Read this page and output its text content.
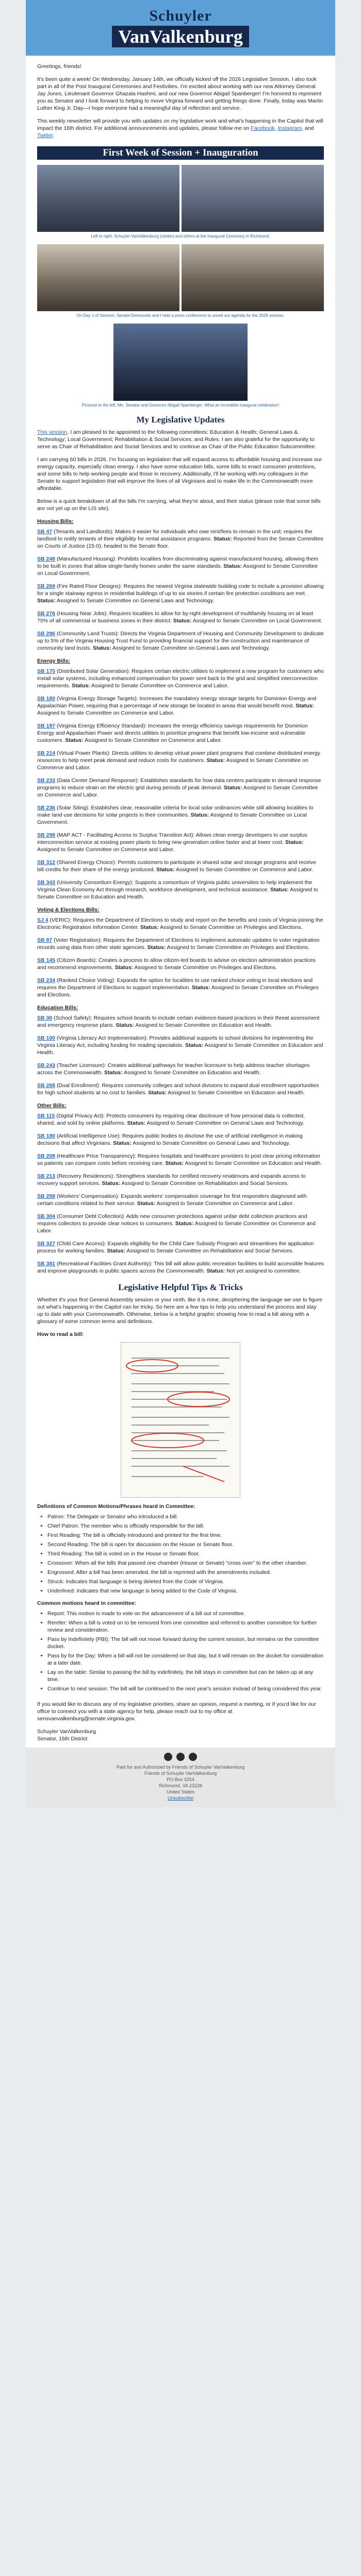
Schuyler
VanValkenburg

Greetings, friends!

It's been quite a week! On Wednesday, January 14th, we officially kicked off the 2026 Legislative Session. I also took part in all of the Post Inaugural Ceremonies and Festivities. I'm excited about working with our new Attorney General Jay Jones, Lieutenant Governor Ghazala Hashmi, and our new Governor Abigail Spanberger! I'm honored to represent you as Senator and I look forward to helping to move Virginia forward and getting things done. Finally, today was Martin Luther King Jr. Day—I hope everyone had a meaningful day of reflection and service.

This weekly newsletter will provide you with updates on my legislative work and what's happening in the Capitol that will impact the 16th district. For additional announcements and updates, please follow me on Facebook, Instagram, and Twitter.

First Week of Session + Inauguration
Left to right: Schuyler VanValkenburg (center) and others at the Inaugural Ceremony in Richmond.
On Day 1 of Session, Senate Democrats and I held a press conference to unveil our agenda for the 2026 session.
Pictured to the left: Me, Senator and Governor Abigail Spanberger. What an incredible inaugural celebration!
My Legislative Updates

This session, I am pleased to be appointed to the following committees: Education & Health; General Laws & Technology; Local Government; Rehabilitation & Social Services; and Rules. I am also grateful for the opportunity to serve as Chair of Rehabilitation and Social Services and to continue as Chair of the Public Education Subcommittee.

I am carrying 60 bills in 2026. I'm focusing on legislation that will expand access to affordable housing and increase our energy capacity, especially clean energy. I also have some education bills, some bills to enact consumer protections, and some bills to help working people and those in recovery. Additionally, I'll be working with my colleagues in the Senate to support legislation that will improve the lives of all Virginians and to make life in the Commonwealth more affordable.

Below is a quick breakdown of all the bills I'm carrying, what they're about, and their status (please note that some bills are not yet up on the LIS site).

Housing Bills:

SB 47 (Tenants and Landlords): Makes it easier for individuals who owe rent/fees to remain in the unit; requires the landlord to notify tenants of their eligibility for rental assistance programs. Status: Reported from the Senate Committee on Courts of Justice (15-0); headed to the Senate floor.

SB 248 (Manufactured Housing): Prohibits localities from discriminating against manufactured housing, allowing them to be built in zones that allow single-family homes under the same standards. Status: Assigned to Senate Committee on Local Government.

SB 269 (Fire Rated Floor Designs): Requires the newest Virginia statewide building code to include a provision allowing for a single stairway egress in residential buildings of up to six stories if certain fire protection conditions are met. Status: Assigned to Senate Committee on General Laws and Technology.

SB 276 (Housing Near Jobs): Requires localities to allow for by-right development of multifamily housing on at least 75% of all commercial or business zones in their district. Status: Assigned to Senate Committee on Local Government.

SB 296 (Community Land Trusts): Directs the Virginia Department of Housing and Community Development to dedicate up to 5% of the Virginia Housing Trust Fund to providing financial support for the construction and maintenance of community land trusts. Status: Assigned to Senate Committee on General Laws and Technology.

Energy Bills:

SB 175 (Distributed Solar Generation): Requires certain electric utilities to implement a new program for customers who install solar systems, including enhanced compensation for power sent back to the grid and simplified interconnection requirements. Status: Assigned to Senate Committee on Commerce and Labor.

SB 180 (Virginia Energy Storage Targets): Increases the mandatory energy storage targets for Dominion Energy and Appalachian Power, requiring that a percentage of new storage be located in areas that would benefit most. Status: Assigned to Senate Committee on Commerce and Labor.

SB 197 (Virginia Energy Efficiency Standard): Increases the energy efficiency savings requirements for Dominion Energy and Appalachian Power and directs utilities to prioritize programs that benefit low-income and vulnerable customers. Status: Assigned to Senate Committee on Commerce and Labor.

SB 214 (Virtual Power Plants): Directs utilities to develop virtual power plant programs that combine distributed energy resources to help meet peak demand and reduce costs for customers. Status: Assigned to Senate Committee on Commerce and Labor.

SB 233 (Data Center Demand Response): Establishes standards for how data centers participate in demand response programs to reduce strain on the electric grid during periods of peak demand. Status: Assigned to Senate Committee on Commerce and Labor.

SB 236 (Solar Siting): Establishes clear, reasonable criteria for local solar ordinances while still allowing localities to make land use decisions for solar projects in their communities. Status: Assigned to Senate Committee on Local Government.

SB 298 (MAP ACT - Facilitating Access to Surplus Transition Act): Allows clean energy developers to use surplus interconnection service at existing power plants to bring new generation online faster and at lower cost. Status: Assigned to Senate Committee on Commerce and Labor.

SB 312 (Shared Energy Choice): Permits customers to participate in shared solar and storage programs and receive bill credits for their share of the energy produced. Status: Assigned to Senate Committee on Commerce and Labor.

SB 343 (University Consortium Energy): Supports a consortium of Virginia public universities to help implement the Virginia Clean Economy Act through research, workforce development, and technical assistance. Status: Assigned to Senate Committee on Education and Health.

Voting & Elections Bills:

SJ 4 (VERIC): Requires the Department of Elections to study and report on the benefits and costs of Virginia joining the Electronic Registration Information Center. Status: Assigned to Senate Committee on Privileges and Elections.

SB 87 (Voter Registration): Requires the Department of Elections to implement automatic updates to voter registration records using data from other state agencies. Status: Assigned to Senate Committee on Privileges and Elections.

SB 145 (Citizen Boards): Creates a process to allow citizen-led boards to advise on election administration practices and recommend improvements. Status: Assigned to Senate Committee on Privileges and Elections.

SB 234 (Ranked Choice Voting): Expands the option for localities to use ranked choice voting in local elections and requires the Department of Elections to support implementation. Status: Assigned to Senate Committee on Privileges and Elections.

Education Bills:

SB 30 (School Safety): Requires school boards to include certain evidence-based practices in their threat assessment and emergency response plans. Status: Assigned to Senate Committee on Education and Health.

SB 100 (Virginia Literacy Act Implementation): Provides additional supports to school divisions for implementing the Virginia Literacy Act, including funding for reading specialists. Status: Assigned to Senate Committee on Education and Health.

SB 243 (Teacher Licensure): Creates additional pathways for teacher licensure to help address teacher shortages across the Commonwealth. Status: Assigned to Senate Committee on Education and Health.

SB 268 (Dual Enrollment): Requires community colleges and school divisions to expand dual enrollment opportunities for high school students at no cost to families. Status: Assigned to Senate Committee on Education and Health.

Other Bills:

SB 115 (Digital Privacy Act): Protects consumers by requiring clear disclosure of how personal data is collected, shared, and sold by online platforms. Status: Assigned to Senate Committee on General Laws and Technology.

SB 180 (Artificial Intelligence Use): Requires public bodies to disclose the use of artificial intelligence in making decisions that affect Virginians. Status: Assigned to Senate Committee on General Laws and Technology.

SB 208 (Healthcare Price Transparency): Requires hospitals and healthcare providers to post clear pricing information so patients can compare costs before receiving care. Status: Assigned to Senate Committee on Education and Health.

SB 213 (Recovery Residences): Strengthens standards for certified recovery residences and expands access to recovery support services. Status: Assigned to Senate Committee on Rehabilitation and Social Services.

SB 258 (Workers' Compensation): Expands workers' compensation coverage for first responders diagnosed with certain conditions related to their service. Status: Assigned to Senate Committee on Commerce and Labor.

SB 304 (Consumer Debt Collection): Adds new consumer protections against unfair debt collection practices and requires collectors to provide clear notices to consumers. Status: Assigned to Senate Committee on Commerce and Labor.

SB 327 (Child Care Access): Expands eligibility for the Child Care Subsidy Program and streamlines the application process for working families. Status: Assigned to Senate Committee on Rehabilitation and Social Services.

SB 381 (Recreational Facilities Grant Authority): This bill will allow public recreation facilities to build accessible features and improve playgrounds in public spaces across the Commonwealth. Status: Not yet assigned to committee.

Legislative Helpful Tips & Tricks

Whether it's your first General Assembly session or your ninth, like it is mine, deciphering the language we use to figure out what's happening in the Capitol can be tricky. So here are a few tips to help you understand the process and stay up to date with your Commonwealth. Otherwise, below is a helpful graphic showing how to read a bill along with a glossary of some common terms and definitions.

How to read a bill:
Definitions of Common Motions/Phrases heard in Committee:
• Patron: The Delegate or Senator who introduced a bill.
• Chief Patron: The member who is officially responsible for the bill.
• First Reading: The bill is officially introduced and printed for the first time.
• Second Reading: The bill is open for discussion on the House or Senate floor.
• Third Reading: The bill is voted on in the House or Senate floor.
• Crossover: When all the bills that passed one chamber (House or Senate) "cross over" to the other chamber.
• Engrossed: After a bill has been amended, the bill is reprinted with the amendments included.
• Struck: Indicates that language is being deleted from the Code of Virginia.
• Underlined: Indicates that new language is being added to the Code of Virginia.
Common motions heard in committee:
• Report: This motion is made to vote on the advancement of a bill out of committee.
• Rerefer: When a bill is voted on to be removed from one committee and referred to another committee for further review and consideration.
• Pass by Indefinitely (PBI): The bill will not move forward during the current session, but remains on the committee docket.
• Pass by for the Day: When a bill will not be considered on that day, but it will remain on the docket for consideration at a later date.
• Lay on the table: Similar to passing the bill by indefinitely, the bill stays in committee but can be taken up at any time.
• Continue to next session: The bill will be continued to the next year's session instead of being considered this year.

If you would like to discuss any of my legislative priorities, share an opinion, request a meeting, or if you'd like for our office to connect you with a state agency for help, please reach out to my office at sensvanvalkenburg@senate.virginia.gov.

Schuyler VanValkenburg

Senator, 16th District

Paid for and Authorized by Friends of Schuyler VanValkenburg
Friends of Schuyler VanValkenburg
PO Box 3254
Richmond, VA 23228
United States
Unsubscribe
